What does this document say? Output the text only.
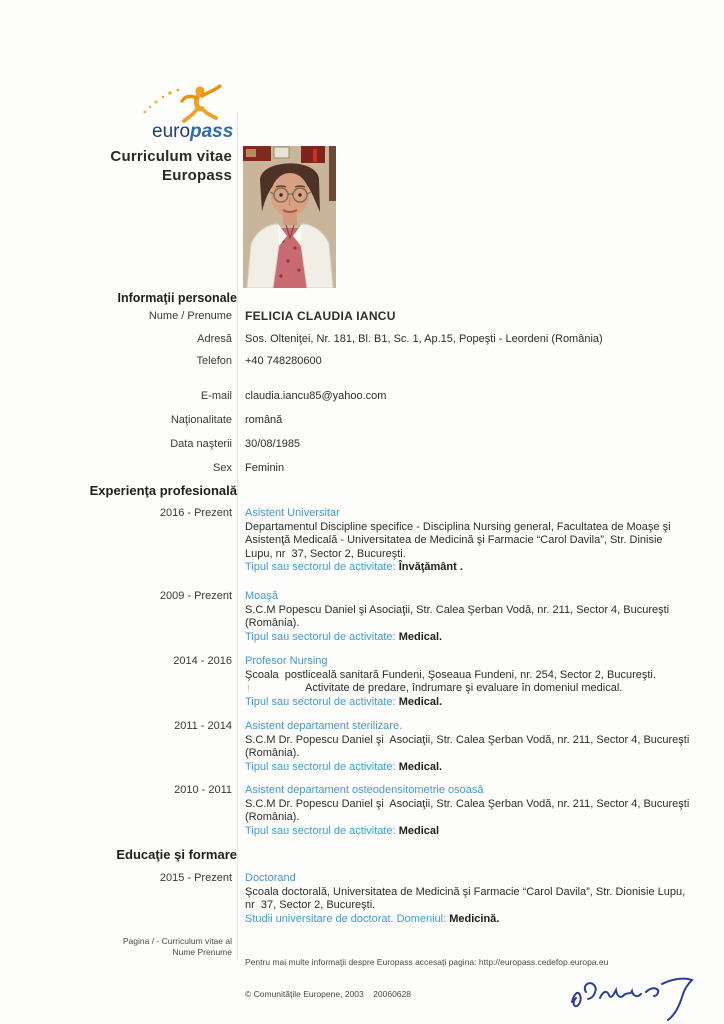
euro pass
Curriculum vitae
Europass
Informaţii personale
Nume / Prenume FELICIA CLAUDIA IANCU
Adresă Sos. Olteniţei, Nr. 181, Bl. B1, Sc. 1, Ap.15, Popeşti - Leordeni (România)
Telefon +40 748280600
E-mail claudia.iancu85@yahoo.com
Naţionalitate română
Data naşterii 30/08/1985
Sex Feminin
Experienţa profesională
2016 - Prezent Asistent Universitar
Departamentul Discipline specifice - Disciplina Nursing general, Facultatea de Moaşe şi Asistenţă Medicală - Universitatea de Medicină şi Farmacie “Carol Davila”, Str. Dinisie Lupu, nr  37, Sector 2, Bucureşti.
Tipul sau sectorul de activitate: Învăţământ .
2009 - Prezent Moaşă
S.C.M Popescu Daniel şi Asociaţii, Str. Calea Şerban Vodă, nr. 211, Sector 4, Bucureşti (România).
Tipul sau sectorul de activitate: Medical.
2014 - 2016 Profesor Nursing
Şcoala  postliceală sanitară Fundeni, Şoseaua Fundeni, nr. 254, Sector 2, Bucureşti.
!	Activitate de predare, îndrumare şi evaluare în domeniul medical.
Tipul sau sectorul de activitate: Medical.
2011 - 2014 Asistent departament sterilizare.
S.C.M Dr. Popescu Daniel şi  Asociaţii, Str. Calea Şerban Vodă, nr. 211, Sector 4, Bucureşti (România).
Tipul sau sectorul de activitate: Medical.
2010 - 2011 Asistent departament osteodensitometrie osoasă
S.C.M Dr. Popescu Daniel şi  Asociaţii, Str. Calea Şerban Vodă, nr. 211, Sector 4, Bucureşti (România).
Tipul sau sectorul de activitate: Medical
Educaţie şi formare
2015 - Prezent Doctorand
Şcoala doctorală, Universitatea de Medicină şi Farmacie “Carol Davila”, Str. Dionisie Lupu, nr  37, Sector 2, Bucureşti.
Studii universitare de doctorat. Domeniul: Medicină.
Pagina / - Curriculum vitae al
Nume Prenume

Pentru mai multe informaţii despre Europass accesaţi pagina: http://europass.cedefop.europa.eu

© Comunităţile Europene, 2003    20060628
